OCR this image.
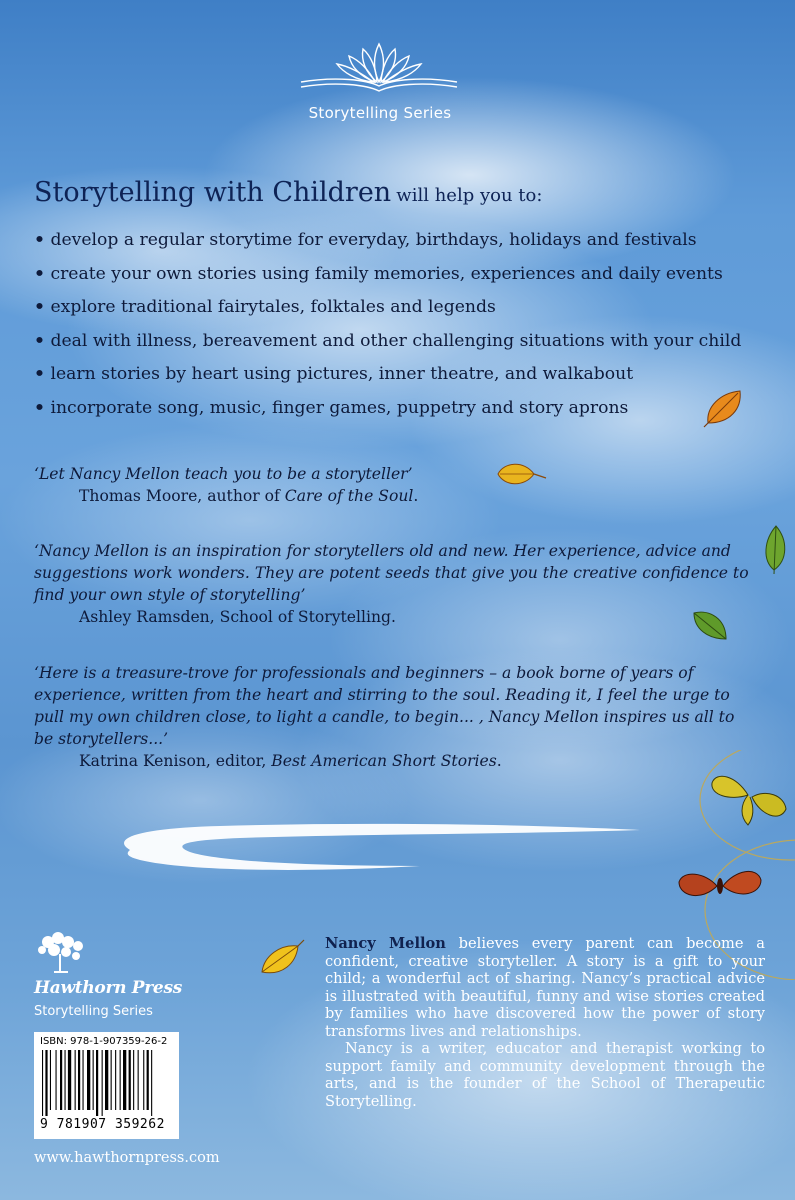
Storytelling Series
Storytelling with Children will help you to:
• develop a regular storytime for everyday, birthdays, holidays and festivals
• create your own stories using family memories, experiences and daily events
• explore traditional fairytales, folktales and legends
• deal with illness, bereavement and other challenging situations with your child
• learn stories by heart using pictures, inner theatre, and walkabout
• incorporate song, music, finger games, puppetry and story aprons
‘Let Nancy Mellon teach you to be a storyteller’
Thomas Moore, author of Care of the Soul.
‘Nancy Mellon is an inspiration for storytellers old and new. Her experience, advice and
suggestions work wonders. They are potent seeds that give you the creative confidence to
find your own style of storytelling’
Ashley Ramsden, School of Storytelling.
‘Here is a treasure-trove for professionals and beginners – a book borne of years of
experience, written from the heart and stirring to the soul. Reading it, I feel the urge to
pull my own children close, to light a candle, to begin... , Nancy Mellon inspires us all to
be storytellers...’
Katrina Kenison, editor, Best American Short Stories.
Hawthorn Press
Storytelling Series
ISBN: 978-1-907359-26-2
9 781907 359262
www.hawthornpress.com

Nancy Mellon believes every parent can become a confident, creative storyteller. A story is a gift to your child; a wonderful act of sharing. Nancy’s practical advice is illustrated with beautiful, funny and wise stories created by families who have discovered how the power of story transforms lives and relationships.

Nancy is a writer, educator and therapist working to support family and community development through the arts, and is the founder of the School of Therapeutic Storytelling.
